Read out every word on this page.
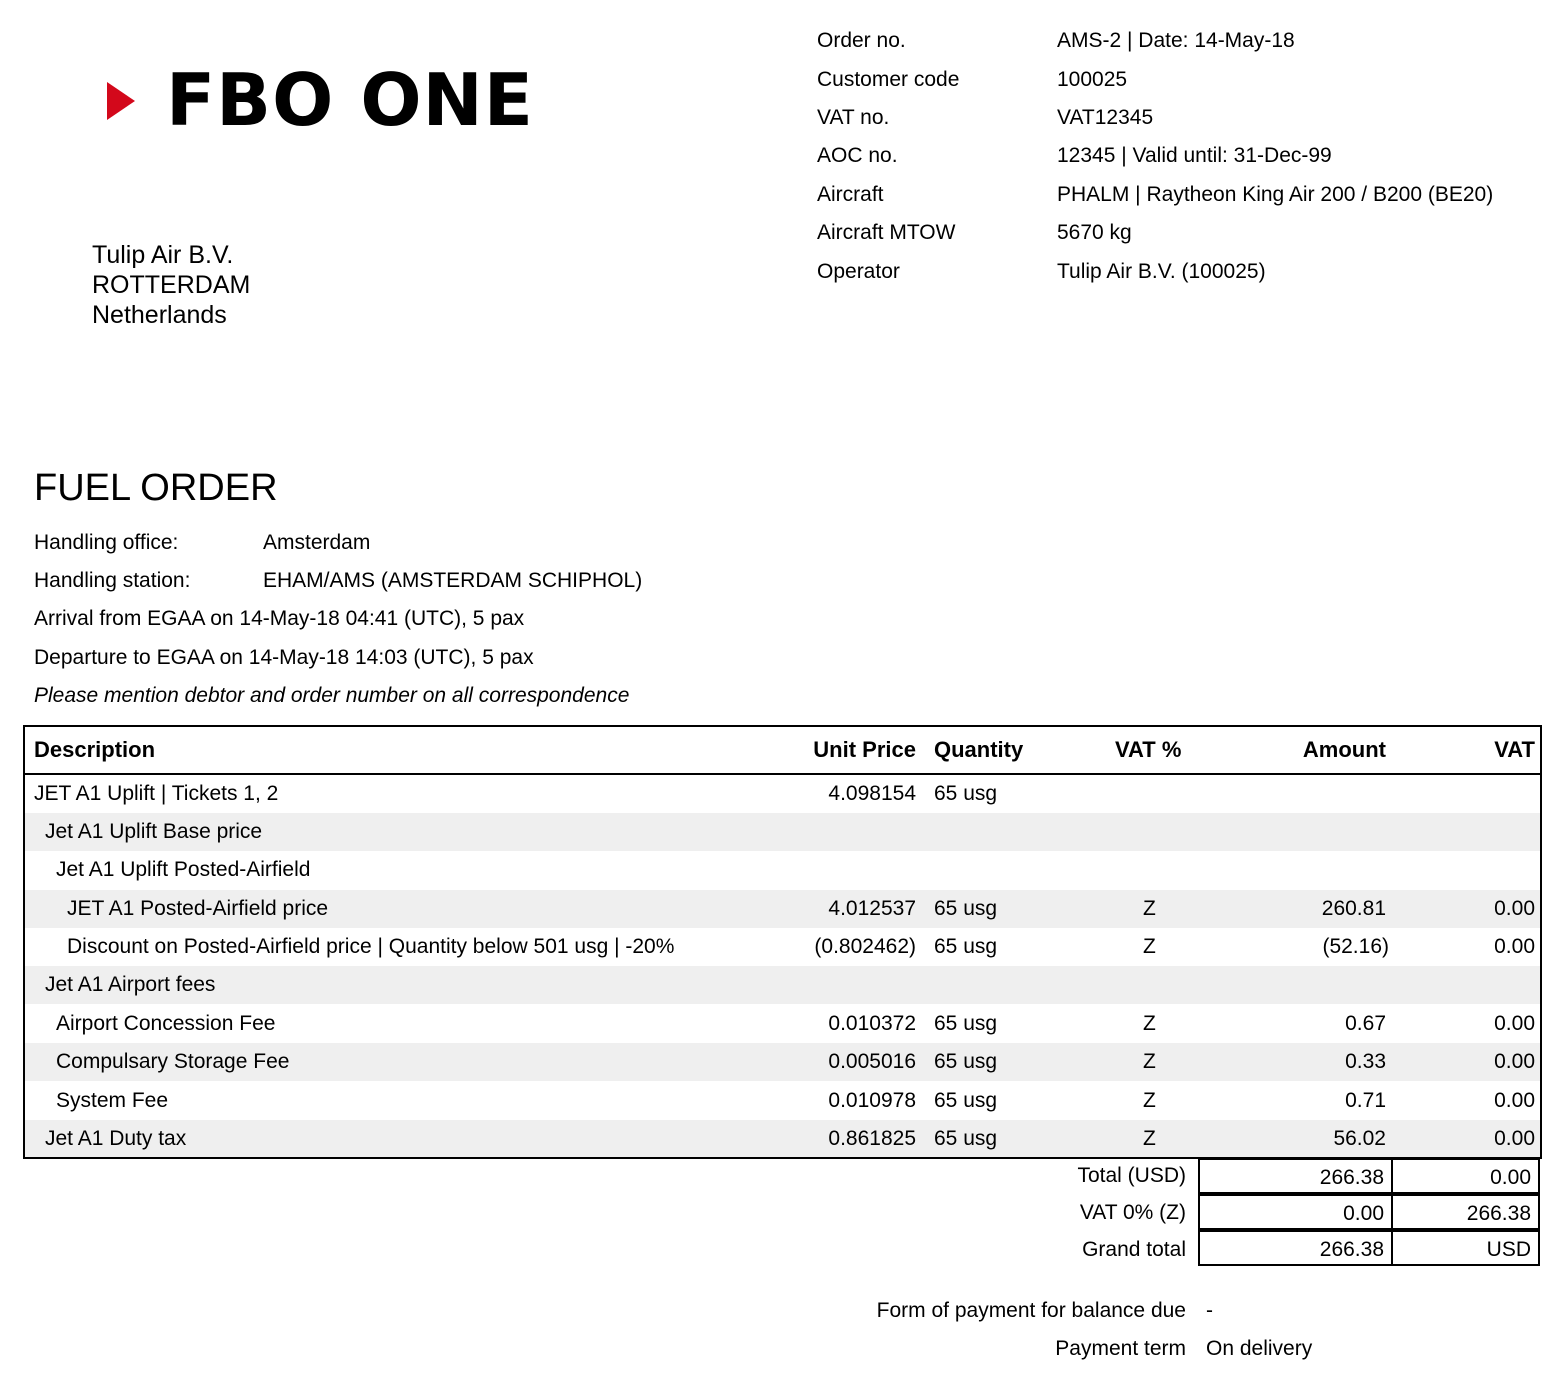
FBO ONE
Tulip Air B.V.
ROTTERDAM
Netherlands
Order no.	AMS-2 | Date: 14-May-18
Customer code	100025
VAT no.	VAT12345
AOC no.	12345 | Valid until: 31-Dec-99
Aircraft	PHALM | Raytheon King Air 200 / B200 (BE20)
Aircraft MTOW	5670 kg
Operator	Tulip Air B.V. (100025)
FUEL ORDER
Handling office:	Amsterdam
Handling station:	EHAM/AMS (AMSTERDAM SCHIPHOL)
Arrival from EGAA on 14-May-18 04:41 (UTC), 5 pax
Departure to EGAA on 14-May-18 14:03 (UTC), 5 pax
Please mention debtor and order number on all correspondence
Description	Unit Price Quantity	VAT %	Amount	VAT
JET A1 Uplift | Tickets 1, 2	4.098154 65 usg
Jet A1 Uplift Base price
Jet A1 Uplift Posted-Airfield
JET A1 Posted-Airfield price	4.012537 65 usg	Z	260.81	0.00
Discount on Posted-Airfield price | Quantity below 501 usg | -20%	(0.802462) 65 usg	Z	(52.16)	0.00
Jet A1 Airport fees
Airport Concession Fee	0.010372 65 usg	Z	0.67	0.00
Compulsary Storage Fee	0.005016 65 usg	Z	0.33	0.00
System Fee	0.010978 65 usg	Z	0.71	0.00
Jet A1 Duty tax	0.861825 65 usg	Z	56.02	0.00
Total (USD)	266.38	0.00
VAT 0% (Z)	0.00	266.38
Grand total	266.38	USD
Form of payment for balance due -
Payment term On delivery
